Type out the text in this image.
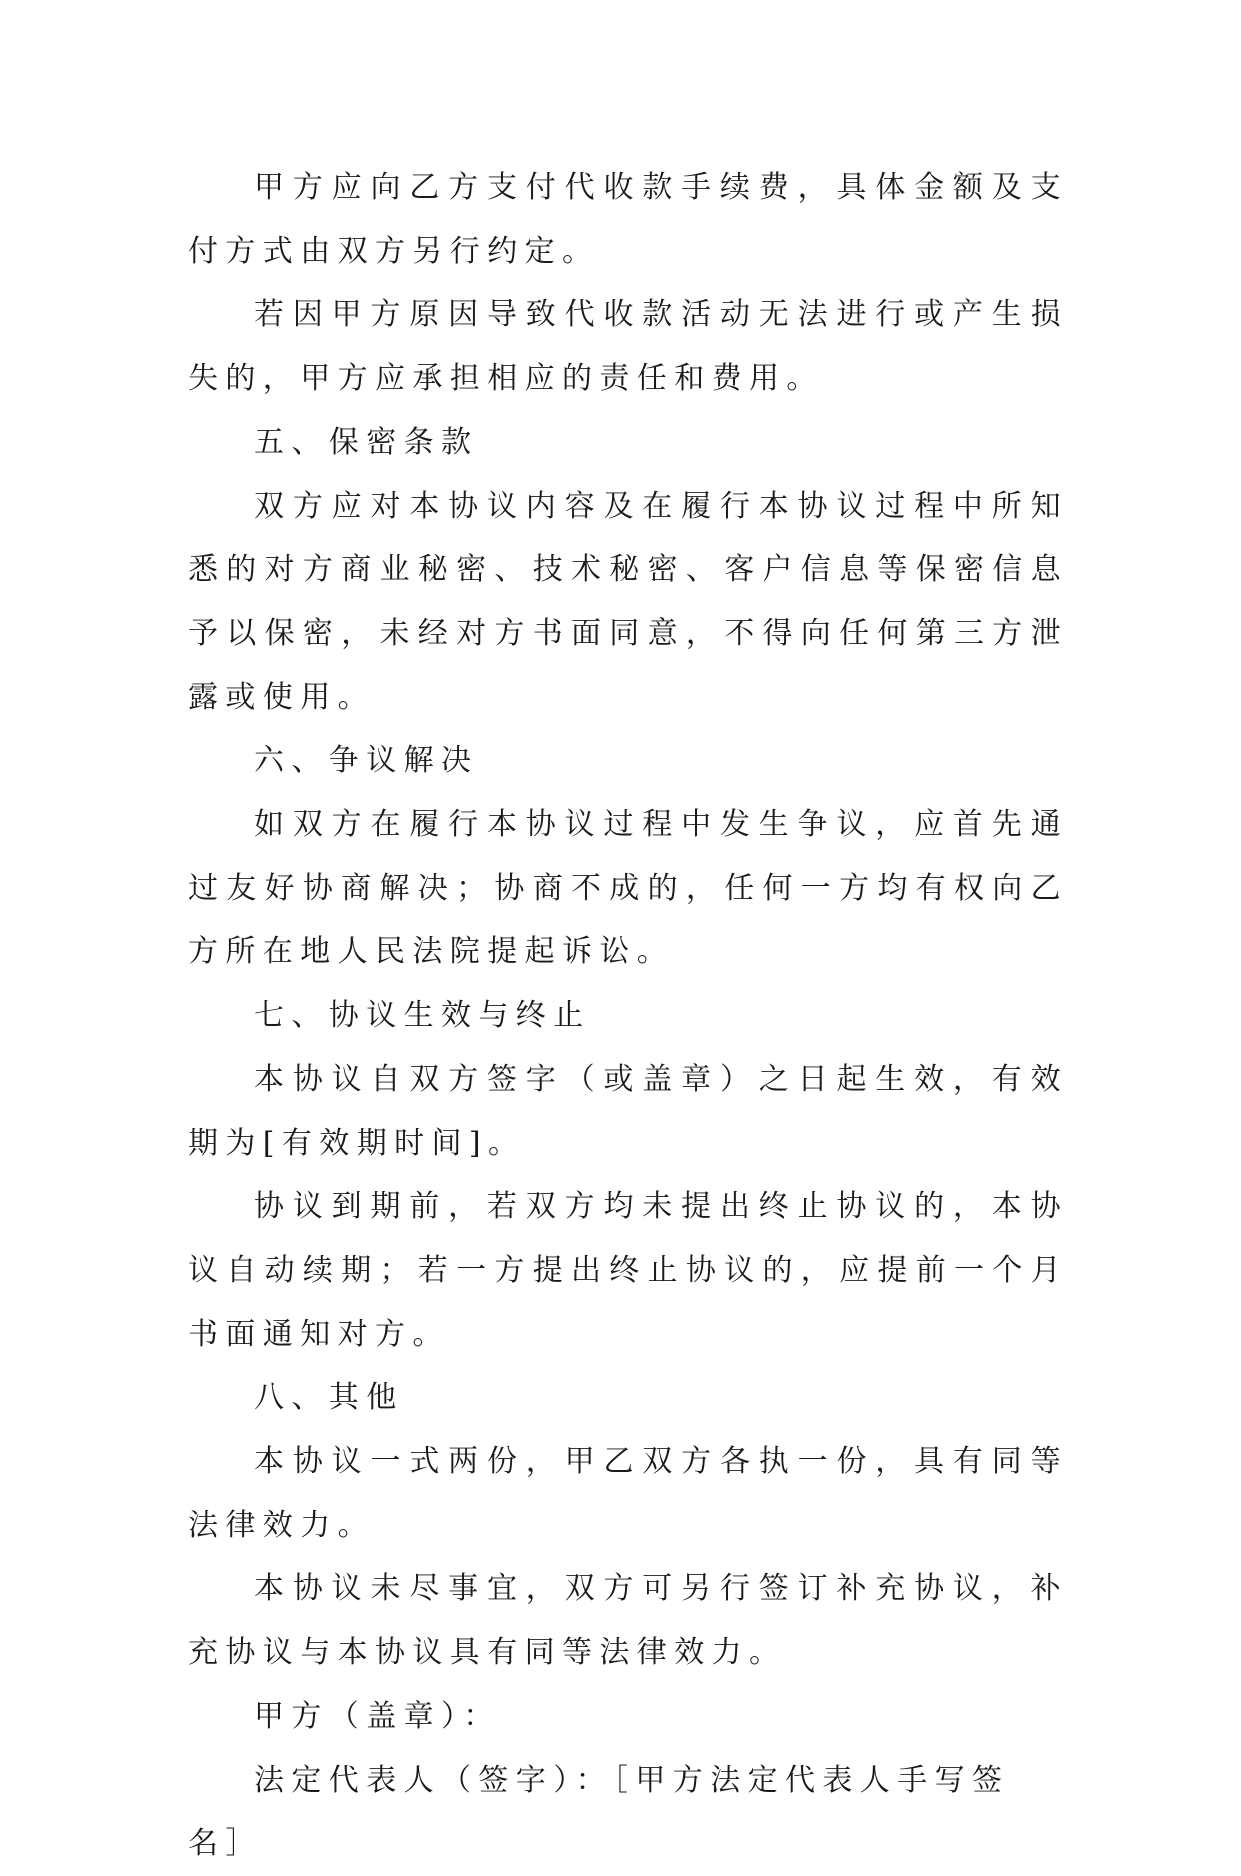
甲方应向乙方支付代收款手续费，具体金额及支付方式由双方另行约定。

若因甲方原因导致代收款活动无法进行或产生损失的，甲方应承担相应的责任和费用。

五、保密条款

双方应对本协议内容及在履行本协议过程中所知悉的对方商业秘密、技术秘密、客户信息等保密信息予以保密，未经对方书面同意，不得向任何第三方泄露或使用。

六、争议解决

如双方在履行本协议过程中发生争议，应首先通过友好协商解决；协商不成的，任何一方均有权向乙方所在地人民法院提起诉讼。

七、协议生效与终止

本协议自双方签字（或盖章）之日起生效，有效期为[有效期时间]。

协议到期前，若双方均未提出终止协议的，本协议自动续期；若一方提出终止协议的，应提前一个月书面通知对方。

八、其他

本协议一式两份，甲乙双方各执一份，具有同等法律效力。

本协议未尽事宜，双方可另行签订补充协议，补充协议与本协议具有同等法律效力。

甲方（盖章）：

法定代表人（签字）：［甲方法定代表人手写签名］
